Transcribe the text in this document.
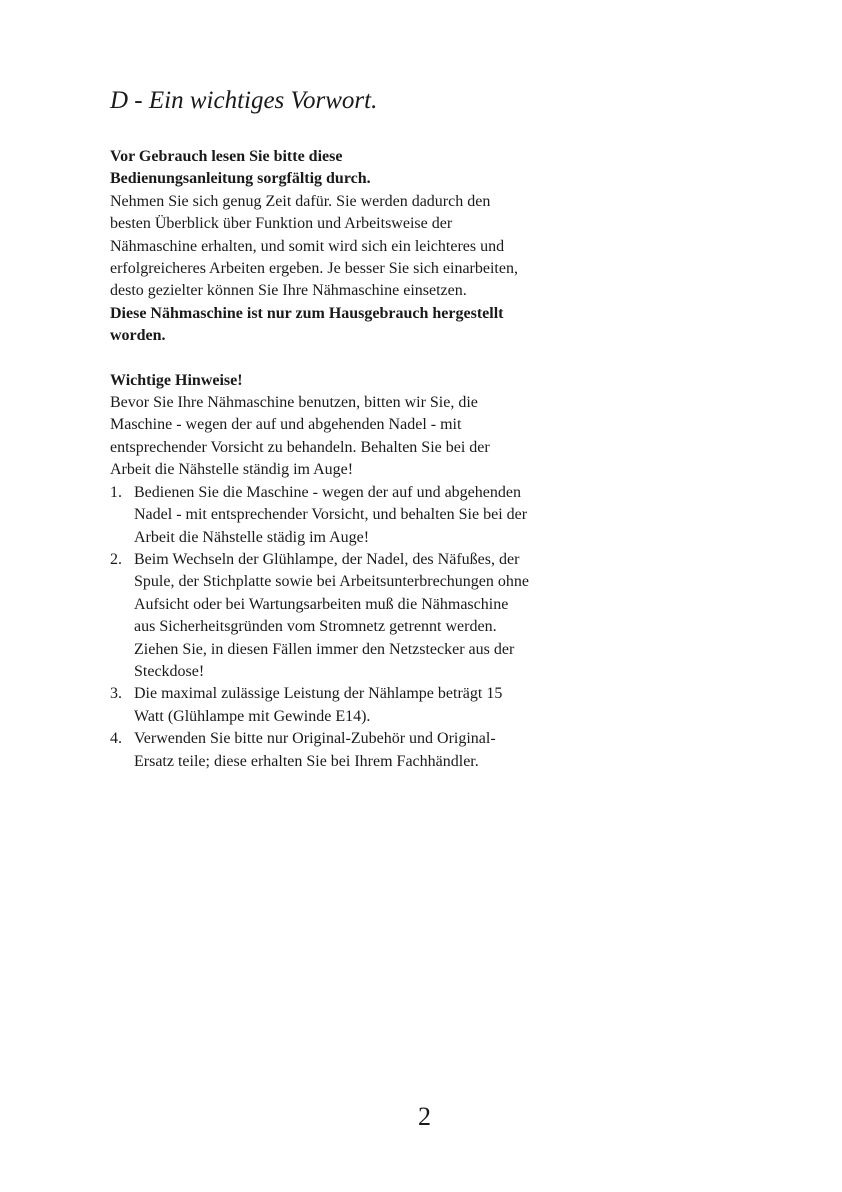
D - Ein wichtiges Vorwort.

Vor Gebrauch lesen Sie bitte diese

Bedienungsanleitung sorgfältig durch.

Nehmen Sie sich genug Zeit dafür. Sie werden dadurch den besten Überblick über Funktion und Arbeitsweise der Nähmaschine erhalten, und somit wird sich ein leichteres und erfolgreicheres Arbeiten ergeben. Je besser Sie sich einarbeiten, desto gezielter können Sie Ihre Nähmaschine einsetzen.

Diese Nähmaschine ist nur zum Hausgebrauch hergestellt worden.

Wichtige Hinweise!

Bevor Sie Ihre Nähmaschine benutzen, bitten wir Sie, die Maschine - wegen der auf und abgehenden Nadel - mit entsprechender Vorsicht zu behandeln. Behalten Sie bei der Arbeit die Nähstelle ständig im Auge!

1. Bedienen Sie die Maschine - wegen der auf und abgehenden Nadel - mit entsprechender Vorsicht, und behalten Sie bei der Arbeit die Nähstelle städig im Auge!
2. Beim Wechseln der Glühlampe, der Nadel, des Näfußes, der Spule, der Stichplatte sowie bei Arbeitsunterbrechungen ohne Aufsicht oder bei Wartungsarbeiten muß die Nähmaschine aus Sicherheitsgründen vom Stromnetz getrennt werden. Ziehen Sie, in diesen Fällen immer den Netzstecker aus der Steckdose!
3. Die maximal zulässige Leistung der Nählampe beträgt 15 Watt (Glühlampe mit Gewinde E14).
4. Verwenden Sie bitte nur Original-Zubehör und Original-Ersatz teile; diese erhalten Sie bei Ihrem Fachhändler.
2
